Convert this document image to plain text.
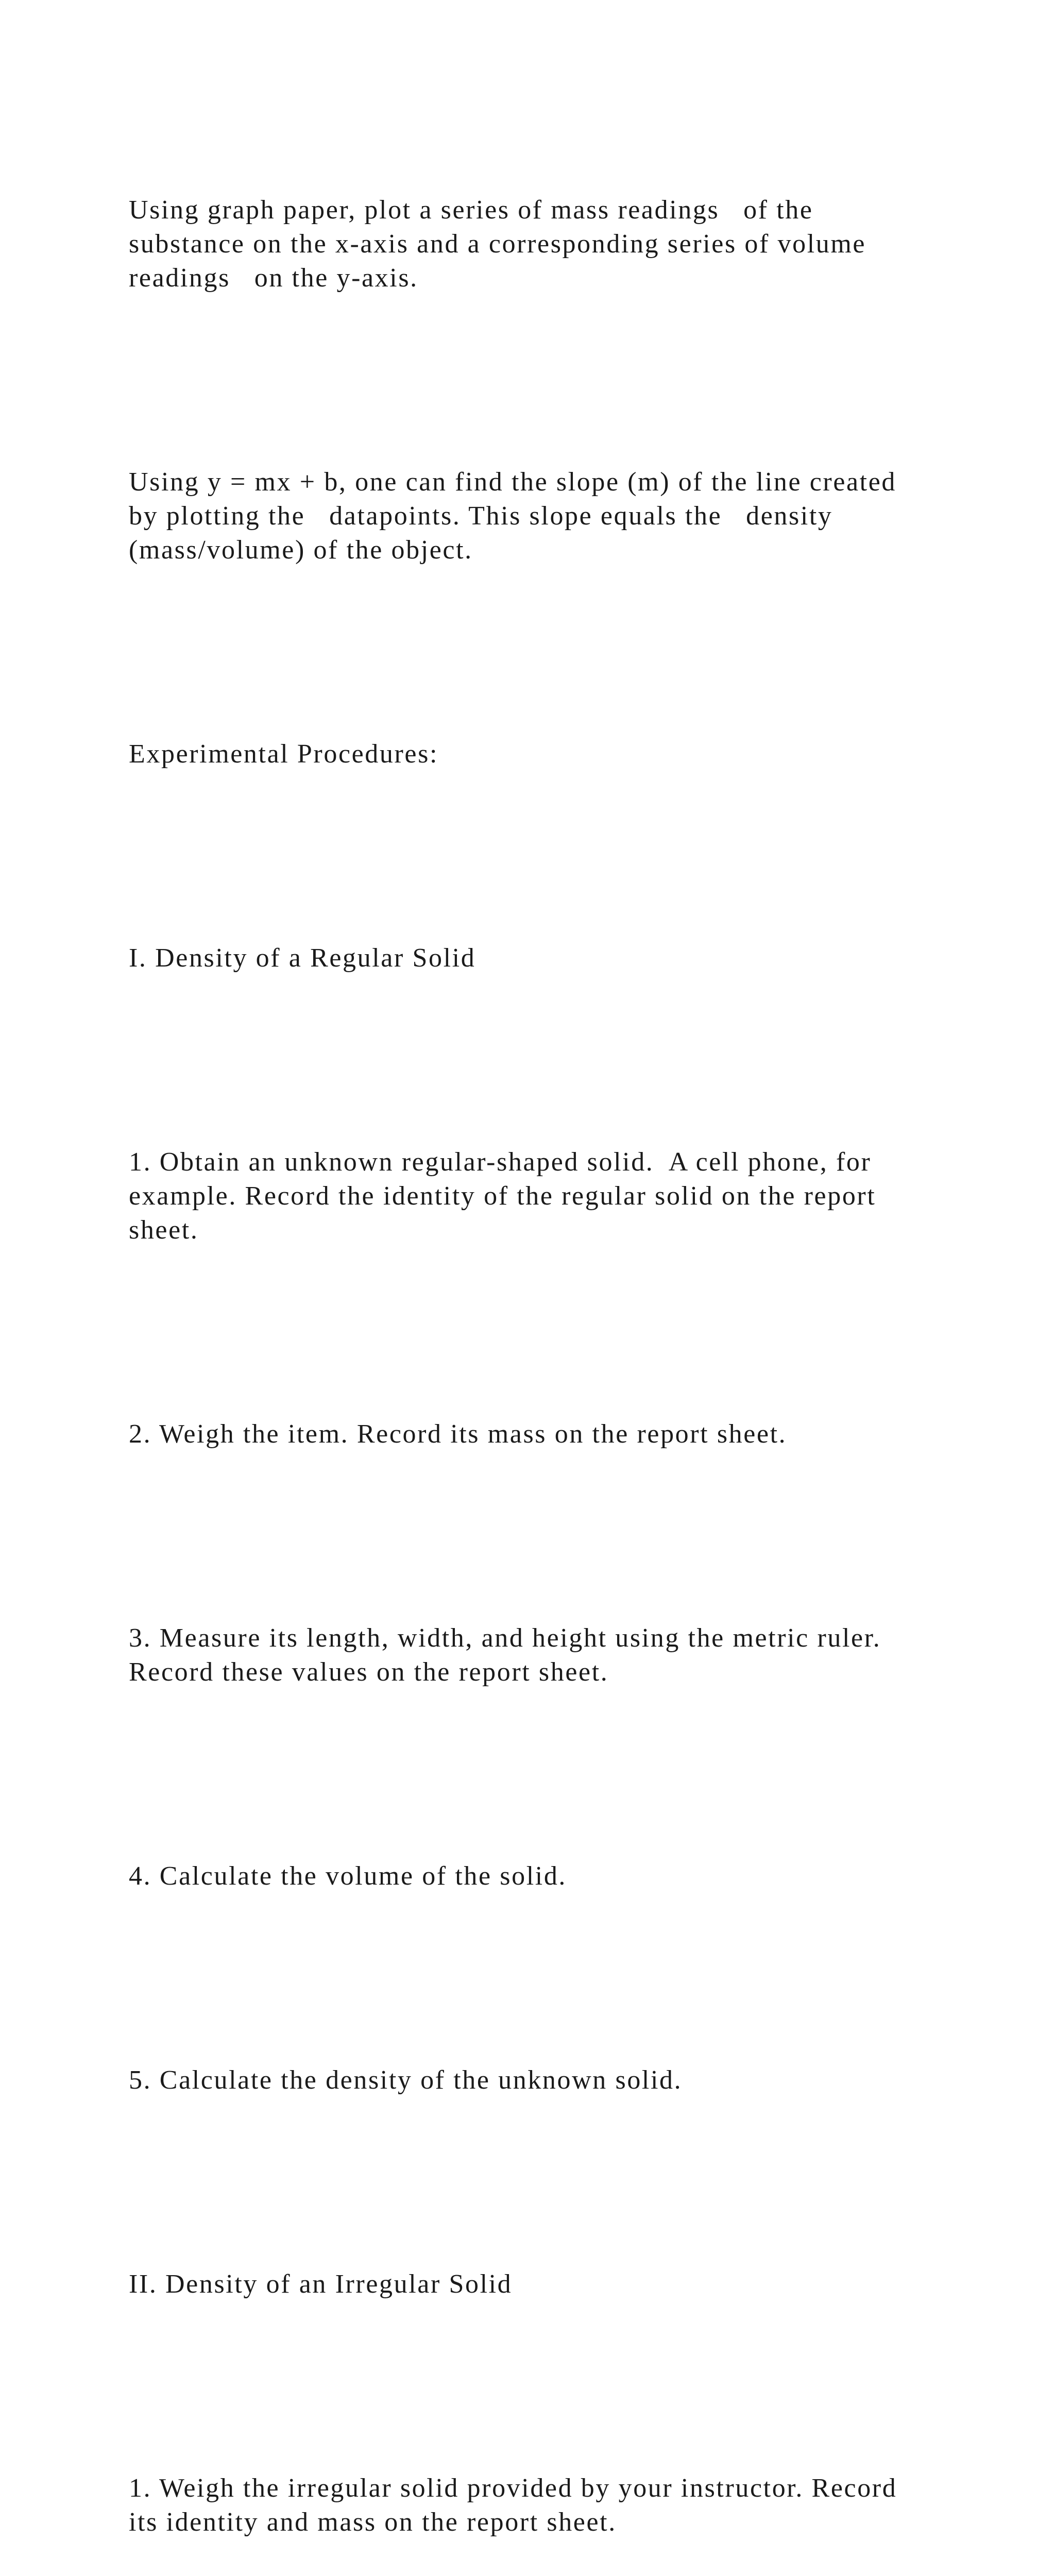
Using graph paper, plot a series of mass readings   of the
substance on the x-axis and a corresponding series of volume
readings   on the y-axis.

Using y = mx + b, one can find the slope (m) of the line created
by plotting the   datapoints. This slope equals the   density
(mass/volume) of the object.

Experimental Procedures:

I. Density of a Regular Solid

1. Obtain an unknown regular-shaped solid.  A cell phone, for
example. Record the identity of the regular solid on the report
sheet.

2. Weigh the item. Record its mass on the report sheet.

3. Measure its length, width, and height using the metric ruler.
Record these values on the report sheet.

4. Calculate the volume of the solid.

5. Calculate the density of the unknown solid.

II. Density of an Irregular Solid

1. Weigh the irregular solid provided by your instructor. Record
its identity and mass on the report sheet.
